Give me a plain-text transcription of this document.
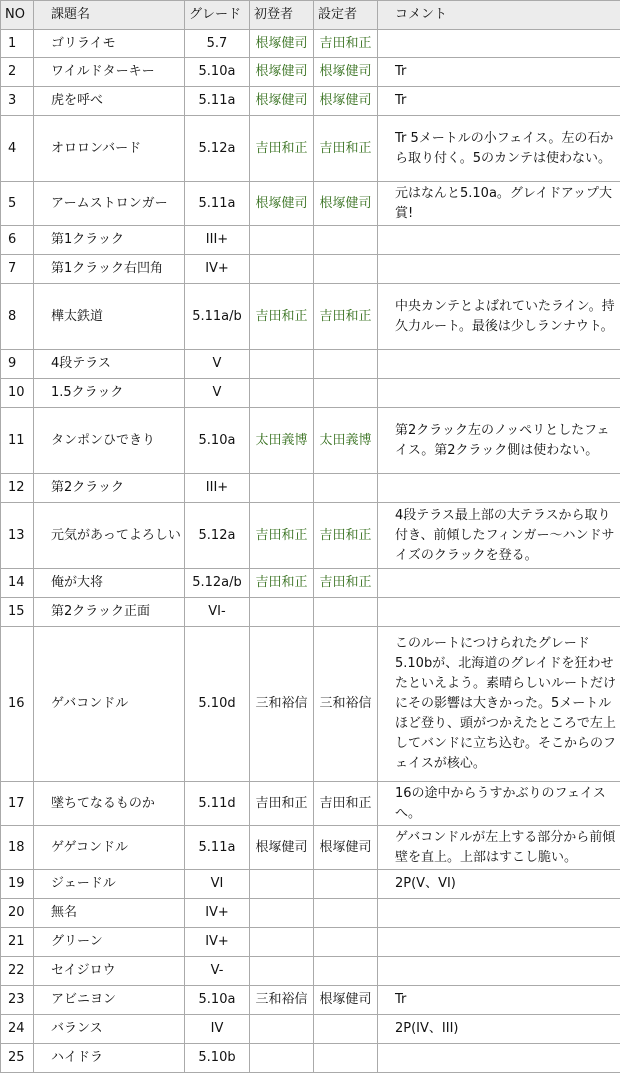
NO	課題名	グレード	初登者	設定者	コメント
1	ゴリライモ	5.7	根塚健司	吉田和正	
2	ワイルドターキー	5.10a	根塚健司	根塚健司	Tr
3	虎を呼べ	5.11a	根塚健司	根塚健司	Tr
4	オロロンバード	5.12a	吉田和正	吉田和正	Tr 5メートルの小フェイス。左の石から取り付く。5のカンテは使わない。
5	アームストロンガー	5.11a	根塚健司	根塚健司	元はなんと5.10a。グレイドアップ大賞!
6	第1クラック	III+			
7	第1クラック右凹角	IV+			
8	樺太鉄道	5.11a/b	吉田和正	吉田和正	中央カンテとよばれていたライン。持久力ルート。最後は少しランナウト。
9	4段テラス	V			
10	1.5クラック	V			
11	タンポンひできり	5.10a	太田義博	太田義博	第2クラック左のノッペリとしたフェイス。第2クラック側は使わない。
12	第2クラック	III+			
13	元気があってよろしい	5.12a	吉田和正	吉田和正	4段テラス最上部の大テラスから取り付き、前傾したフィンガー～ハンドサイズのクラックを登る。
14	俺が大将	5.12a/b	吉田和正	吉田和正	
15	第2クラック正面	VI-			
16	ゲバコンドル	5.10d	三和裕信	三和裕信	このルートにつけられたグレード5.10bが、北海道のグレイドを狂わせたといえよう。素晴らしいルートだけにその影響は大きかった。5メートルほど登り、頭がつかえたところで左上してバンドに立ち込む。そこからのフェイスが核心。
17	墜ちてなるものか	5.11d	吉田和正	吉田和正	16の途中からうすかぶりのフェイスへ。
18	ゲゲコンドル	5.11a	根塚健司	根塚健司	ゲバコンドルが左上する部分から前傾壁を直上。上部はすこし脆い。
19	ジェードル	VI			2P(V、VI)
20	無名	IV+			
21	グリーン	IV+			
22	セイジロウ	V-			
23	アビニヨン	5.10a	三和裕信	根塚健司	Tr
24	バランス	IV			2P(IV、III)
25	ハイドラ	5.10b			
